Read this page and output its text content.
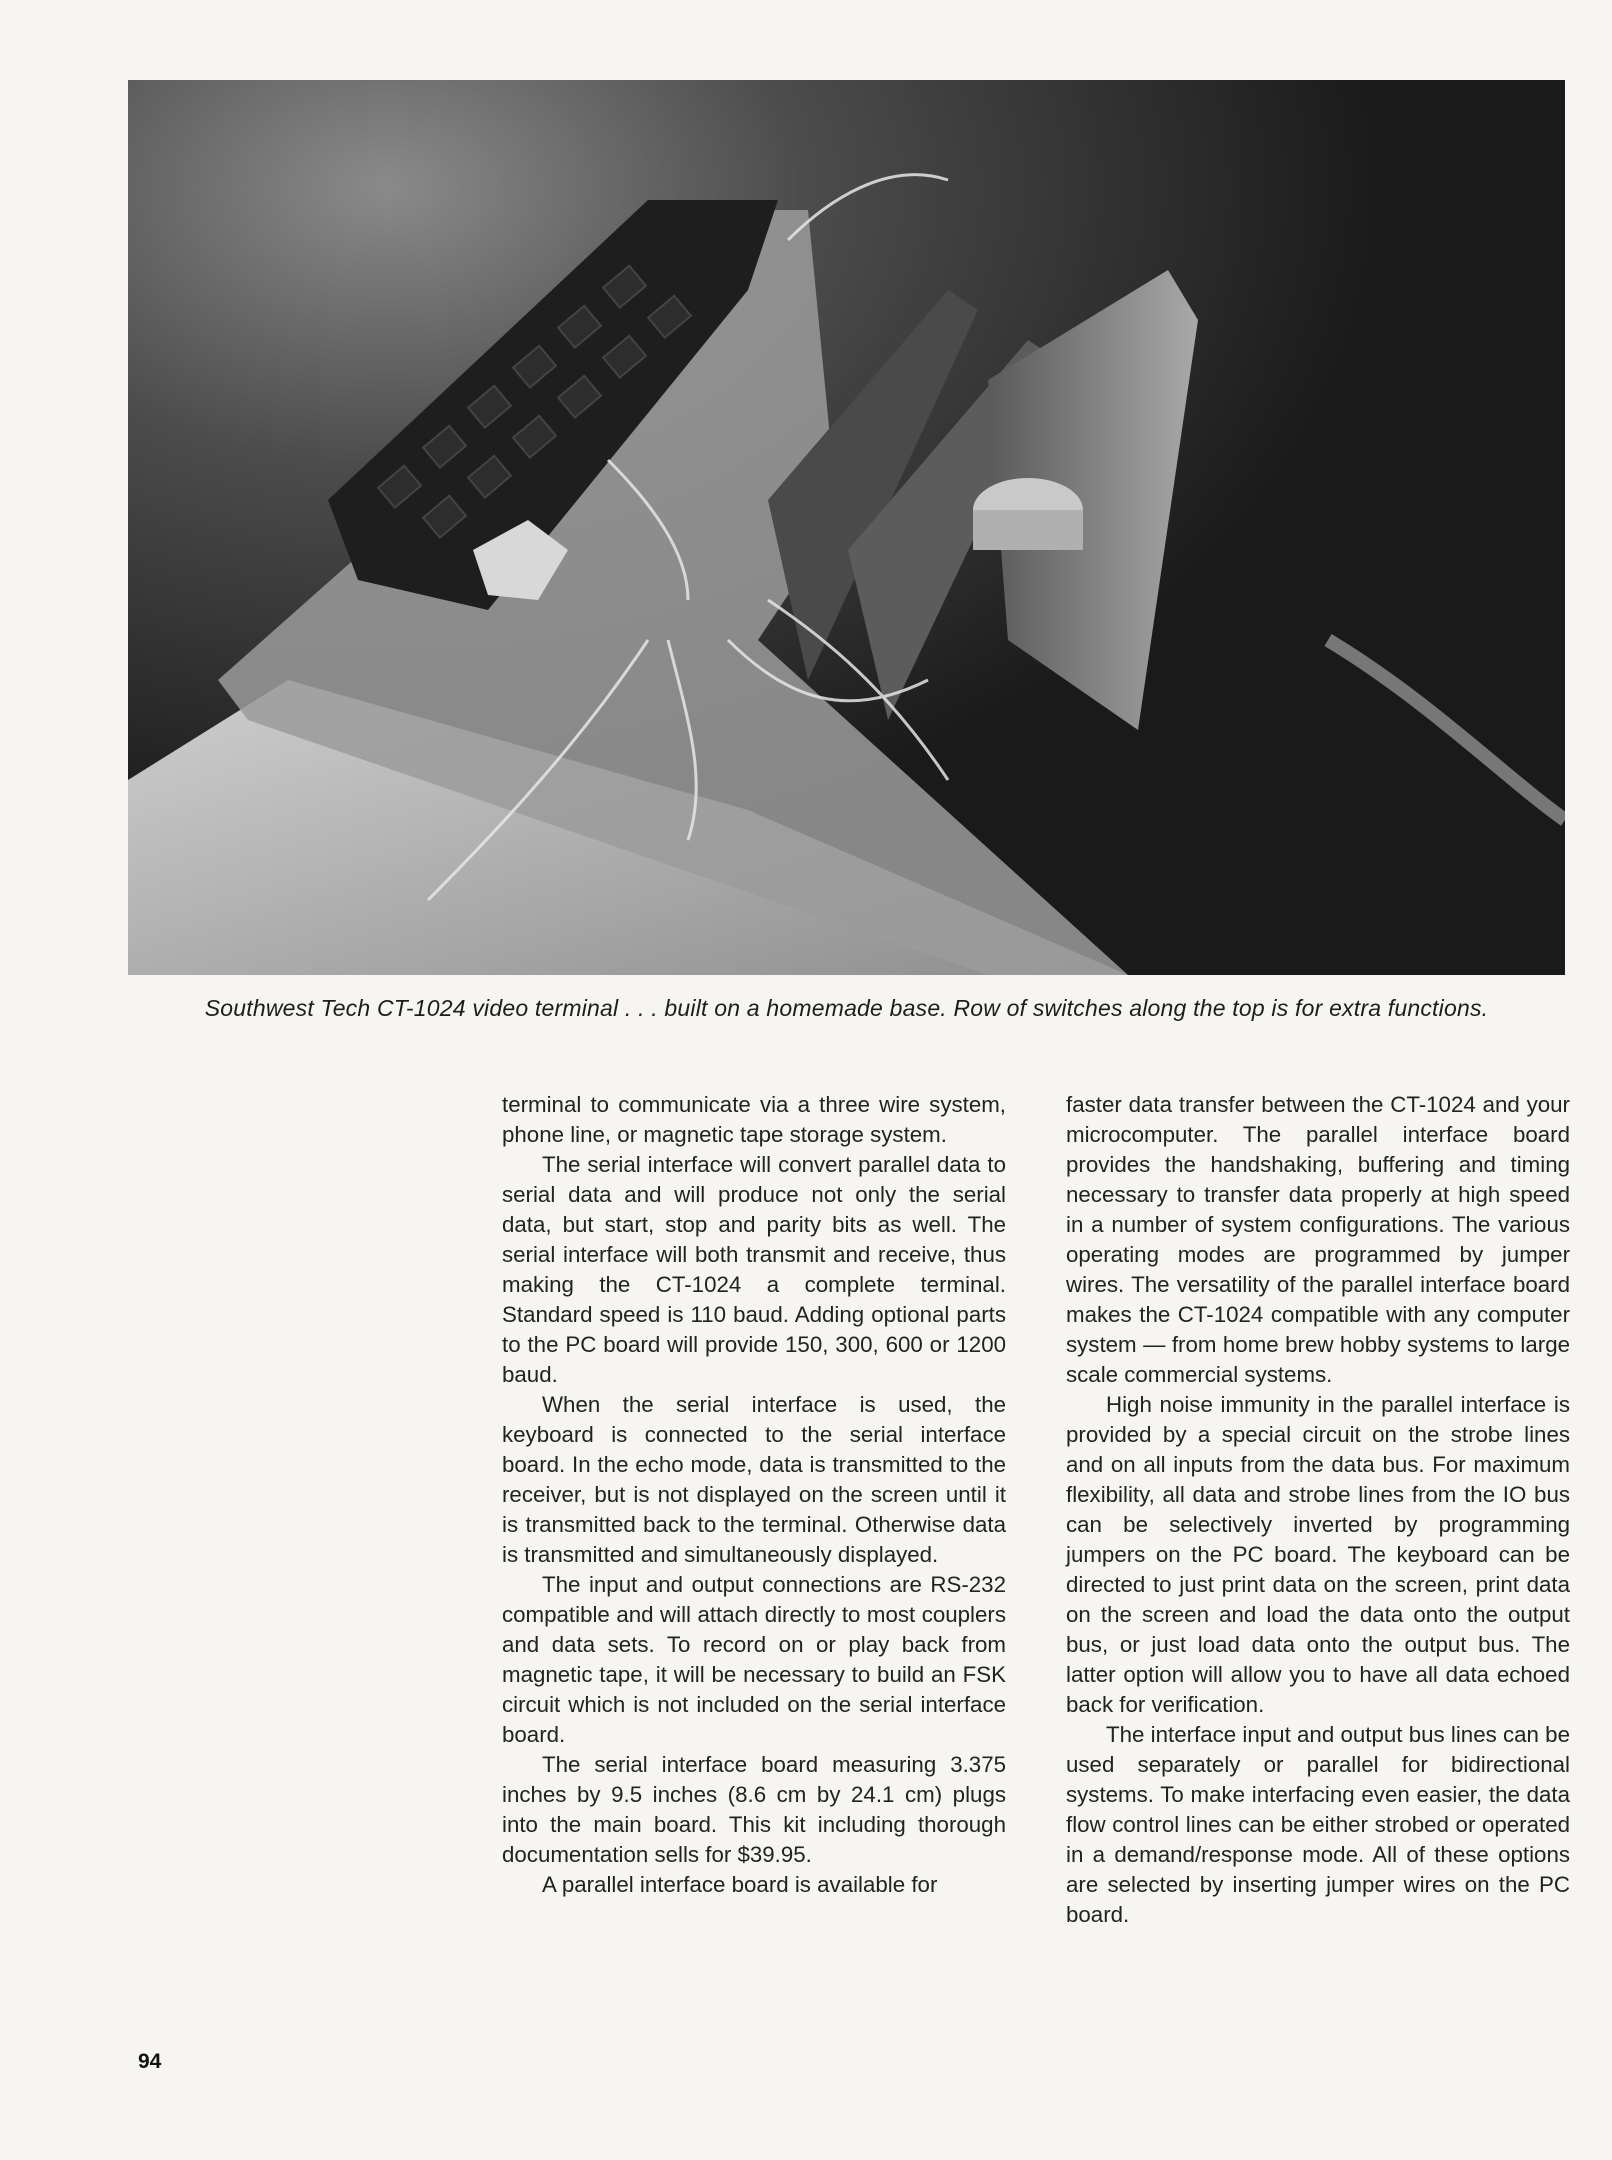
Southwest Tech CT-1024 video terminal . . . built on a homemade base. Row of switches along the top is for extra functions.

terminal to communicate via a three wire system, phone line, or magnetic tape storage system.

The serial interface will convert parallel data to serial data and will produce not only the serial data, but start, stop and parity bits as well. The serial interface will both transmit and receive, thus making the CT-1024 a complete terminal. Standard speed is 110 baud. Adding optional parts to the PC board will provide 150, 300, 600 or 1200 baud.

When the serial interface is used, the keyboard is connected to the serial interface board. In the echo mode, data is transmitted to the receiver, but is not displayed on the screen until it is transmitted back to the terminal. Otherwise data is transmitted and simultaneously displayed.

The input and output connections are RS-232 compatible and will attach directly to most couplers and data sets. To record on or play back from magnetic tape, it will be necessary to build an FSK circuit which is not included on the serial interface board.

The serial interface board measuring 3.375 inches by 9.5 inches (8.6 cm by 24.1 cm) plugs into the main board. This kit including thorough documentation sells for $39.95.

A parallel interface board is available for

faster data transfer between the CT-1024 and your microcomputer. The parallel interface board provides the handshaking, buffering and timing necessary to transfer data properly at high speed in a number of system configurations. The various operating modes are programmed by jumper wires. The versatility of the parallel interface board makes the CT-1024 compatible with any computer system — from home brew hobby systems to large scale commercial systems.

High noise immunity in the parallel interface is provided by a special circuit on the strobe lines and on all inputs from the data bus. For maximum flexibility, all data and strobe lines from the IO bus can be selectively inverted by programming jumpers on the PC board. The keyboard can be directed to just print data on the screen, print data on the screen and load the data onto the output bus, or just load data onto the output bus. The latter option will allow you to have all data echoed back for verification.

The interface input and output bus lines can be used separately or parallel for bidirectional systems. To make interfacing even easier, the data flow control lines can be either strobed or operated in a demand/response mode. All of these options are selected by inserting jumper wires on the PC board.

94
